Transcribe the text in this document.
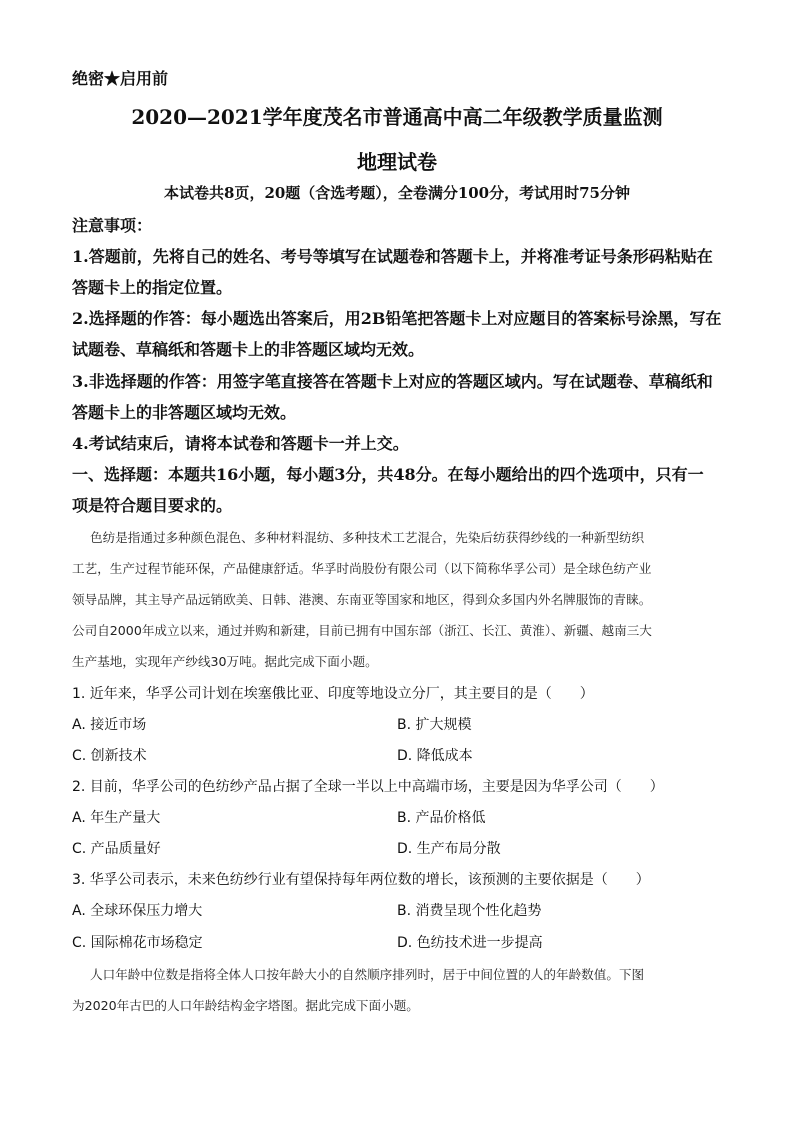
绝密★启用前
2020—2021学年度茂名市普通高中高二年级教学质量监测
地理试卷
本试卷共8页，20题（含选考题），全卷满分100分，考试用时75分钟
注意事项：
1.答题前，先将自己的姓名、考号等填写在试题卷和答题卡上，并将准考证号条形码粘贴在
答题卡上的指定位置。
2.选择题的作答：每小题选出答案后，用2B铅笔把答题卡上对应题目的答案标号涂黑，写在
试题卷、草稿纸和答题卡上的非答题区域均无效。
3.非选择题的作答：用签字笔直接答在答题卡上对应的答题区域内。写在试题卷、草稿纸和
答题卡上的非答题区域均无效。
4.考试结束后，请将本试卷和答题卡一并上交。
一、选择题：本题共16小题，每小题3分，共48分。在每小题给出的四个选项中，只有一
项是符合题目要求的。
色纺是指通过多种颜色混色、多种材料混纺、多种技术工艺混合，先染后纺获得纱线的一种新型纺织
工艺，生产过程节能环保，产品健康舒适。华孚时尚股份有限公司（以下简称华孚公司）是全球色纺产业
领导品牌，其主导产品远销欧美、日韩、港澳、东南亚等国家和地区，得到众多国内外名牌服饰的青睐。
公司自2000年成立以来，通过并购和新建，目前已拥有中国东部（浙江、长江、黄淮）、新疆、越南三大
生产基地，实现年产纱线30万吨。据此完成下面小题。
1. 近年来，华孚公司计划在埃塞俄比亚、印度等地设立分厂，其主要目的是（　　）
A. 接近市场	B. 扩大规模
C. 创新技术	D. 降低成本
2. 目前，华孚公司的色纺纱产品占据了全球一半以上中高端市场，主要是因为华孚公司（　　）
A. 年生产量大	B. 产品价格低
C. 产品质量好	D. 生产布局分散
3. 华孚公司表示，未来色纺纱行业有望保持每年两位数的增长，该预测的主要依据是（　　）
A. 全球环保压力增大	B. 消费呈现个性化趋势
C. 国际棉花市场稳定	D. 色纺技术进一步提高
人口年龄中位数是指将全体人口按年龄大小的自然顺序排列时，居于中间位置的人的年龄数值。下图
为2020年古巴的人口年龄结构金字塔图。据此完成下面小题。
